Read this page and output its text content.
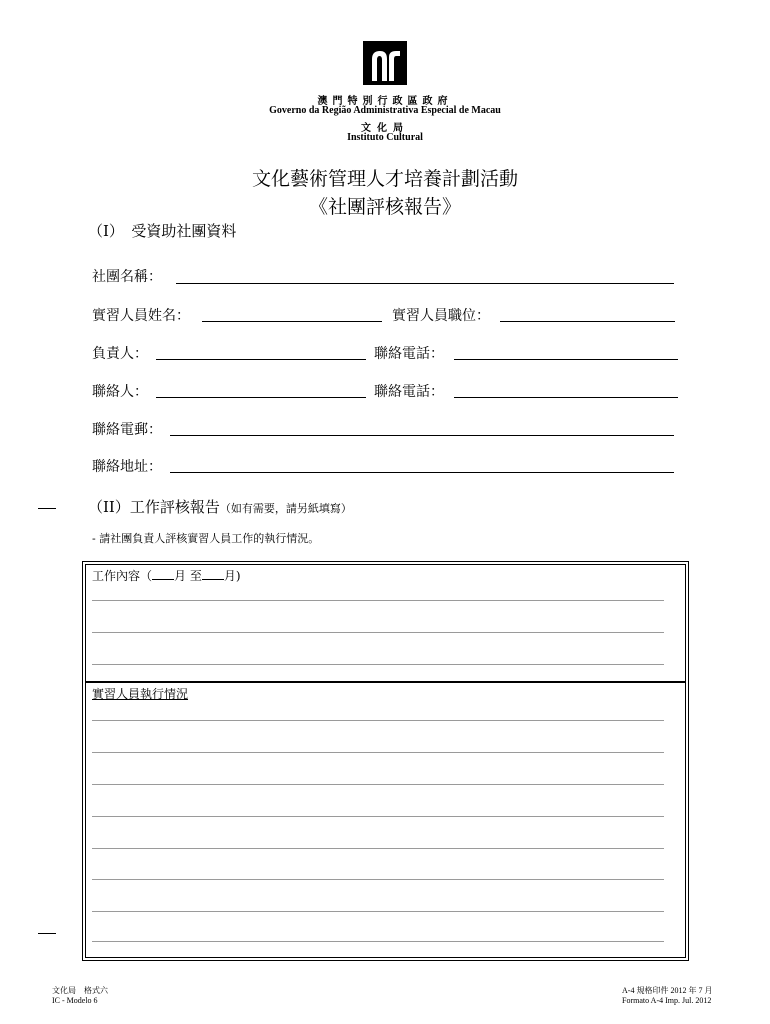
澳門特別行政區政府
Governo da Região Administrativa Especial de Macau
文化局
Instituto Cultural
文化藝術管理人才培養計劃活動
《社團評核報告》
（I）　受資助社團資料
社團名稱：
實習人員姓名：	實習人員職位：
負責人：	聯絡電話：
聯絡人：	聯絡電話：
聯絡電郵：
聯絡地址：
（II）工作評核報告（如有需要，請另紙填寫）
- 請社團負責人評核實習人員工作的執行情況。
工作內容（ 月 至 月)
實習人員執行情況
文化局　格式六
IC - Modelo 6
A-4 規格印件 2012 年 7 月
Formato A-4 Imp. Jul. 2012
